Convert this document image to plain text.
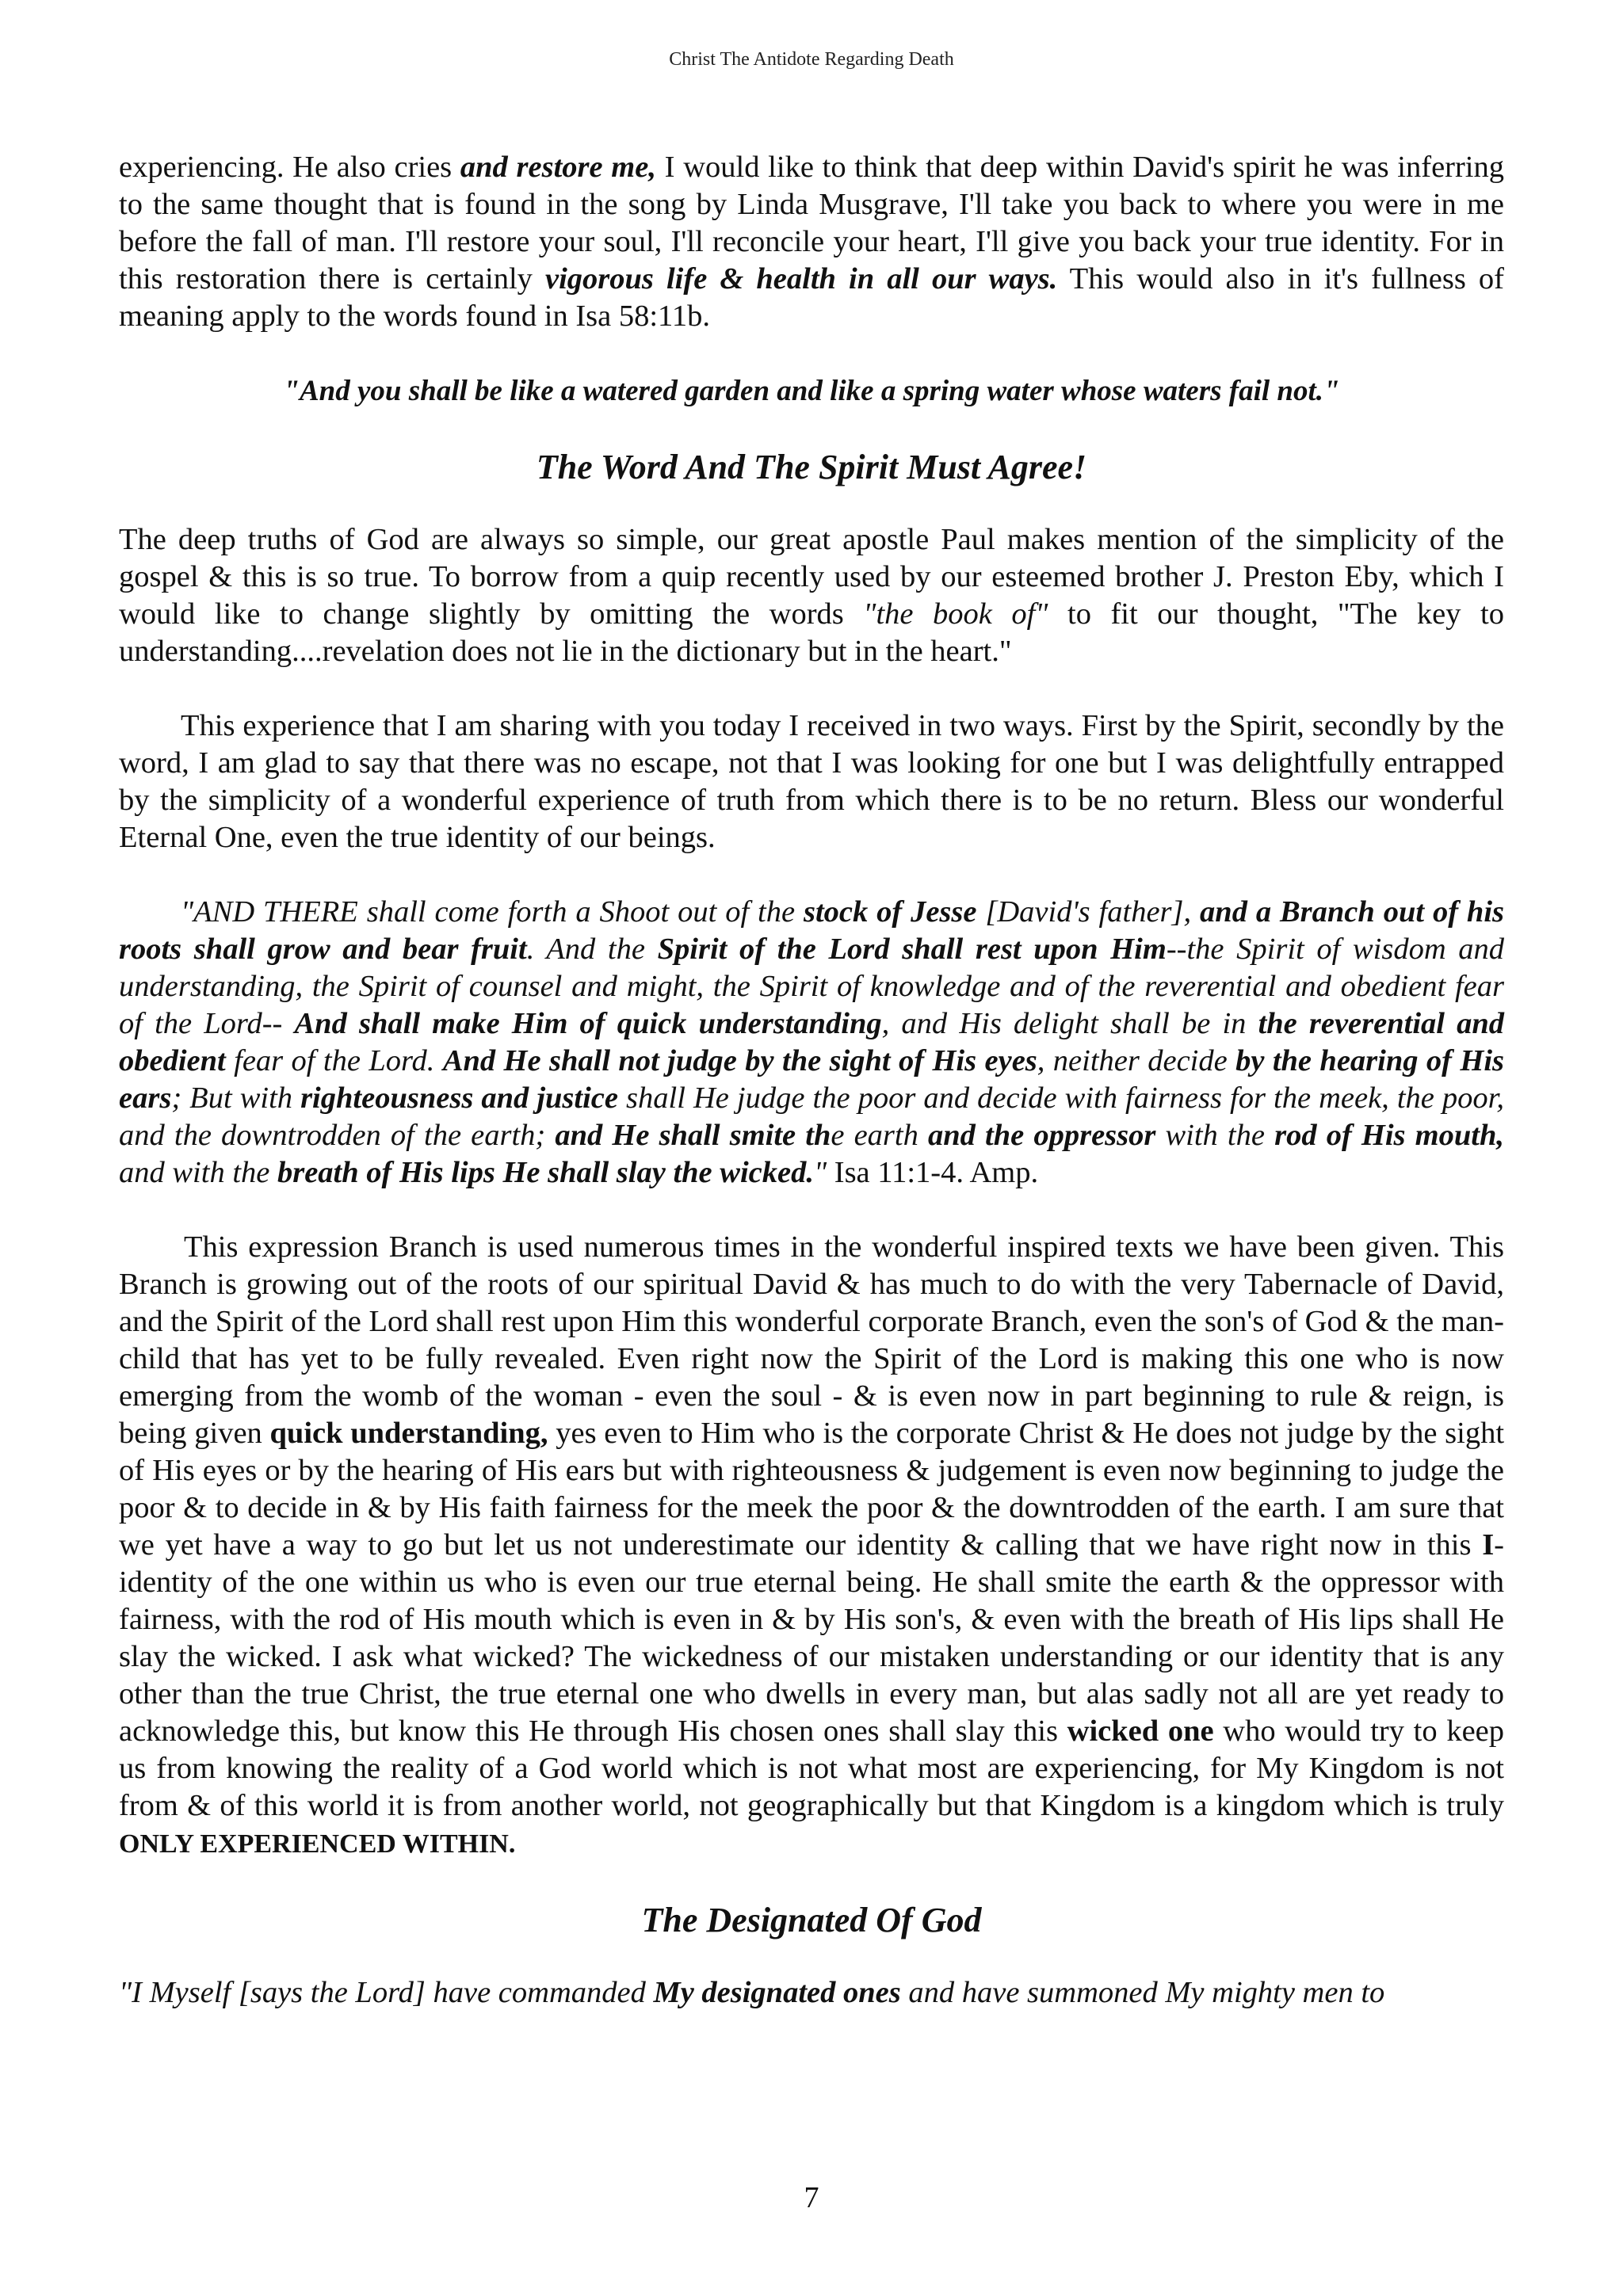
Christ The Antidote Regarding Death

experiencing. He also cries and restore me, I would like to think that deep within David's spirit he was inferring to the same thought that is found in the song by Linda Musgrave, I'll take you back to where you were in me before the fall of man. I'll restore your soul, I'll reconcile your heart, I'll give you back your true identity. For in this restoration there is certainly vigorous life & health in all our ways. This would also in it's fullness of meaning apply to the words found in Isa 58:11b.

"And you shall be like a watered garden and like a spring water whose waters fail not."

The Word And The Spirit Must Agree!

The deep truths of God are always so simple, our great apostle Paul makes mention of the simplicity of the gospel & this is so true. To borrow from a quip recently used by our esteemed brother J. Preston Eby, which I would like to change slightly by omitting the words "the book of" to fit our thought, "The key to understanding....revelation does not lie in the dictionary but in the heart."

This experience that I am sharing with you today I received in two ways. First by the Spirit, secondly by the word, I am glad to say that there was no escape, not that I was looking for one but I was delightfully entrapped by the simplicity of a wonderful experience of truth from which there is to be no return. Bless our wonderful Eternal One, even the true identity of our beings.

"AND THERE shall come forth a Shoot out of the stock of Jesse [David's father], and a Branch out of his roots shall grow and bear fruit. And the Spirit of the Lord shall rest upon Him--the Spirit of wisdom and understanding, the Spirit of counsel and might, the Spirit of knowledge and of the reverential and obedient fear of the Lord-- And shall make Him of quick understanding, and His delight shall be in the reverential and obedient fear of the Lord. And He shall not judge by the sight of His eyes, neither decide by the hearing of His ears; But with righteousness and justice shall He judge the poor and decide with fairness for the meek, the poor, and the downtrodden of the earth; and He shall smite the earth and the oppressor with the rod of His mouth, and with the breath of His lips He shall slay the wicked." Isa 11:1-4. Amp.

This expression Branch is used numerous times in the wonderful inspired texts we have been given. This Branch is growing out of the roots of our spiritual David & has much to do with the very Tabernacle of David, and the Spirit of the Lord shall rest upon Him this wonderful corporate Branch, even the son's of God & the man-child that has yet to be fully revealed. Even right now the Spirit of the Lord is making this one who is now emerging from the womb of the woman - even the soul - & is even now in part beginning to rule & reign, is being given quick understanding, yes even to Him who is the corporate Christ & He does not judge by the sight of His eyes or by the hearing of His ears but with righteousness & judgement is even now beginning to judge the poor & to decide in & by His faith fairness for the meek the poor & the downtrodden of the earth. I am sure that we yet have a way to go but let us not underestimate our identity & calling that we have right now in this I-identity of the one within us who is even our true eternal being. He shall smite the earth & the oppressor with fairness, with the rod of His mouth which is even in & by His son's, & even with the breath of His lips shall He slay the wicked. I ask what wicked? The wickedness of our mistaken understanding or our identity that is any other than the true Christ, the true eternal one who dwells in every man, but alas sadly not all are yet ready to acknowledge this, but know this He through His chosen ones shall slay this wicked one who would try to keep us from knowing the reality of a God world which is not what most are experiencing, for My Kingdom is not from & of this world it is from another world, not geographically but that Kingdom is a kingdom which is truly ONLY EXPERIENCED WITHIN.

The Designated Of God

"I Myself [says the Lord] have commanded My designated ones and have summoned My mighty men to

7
